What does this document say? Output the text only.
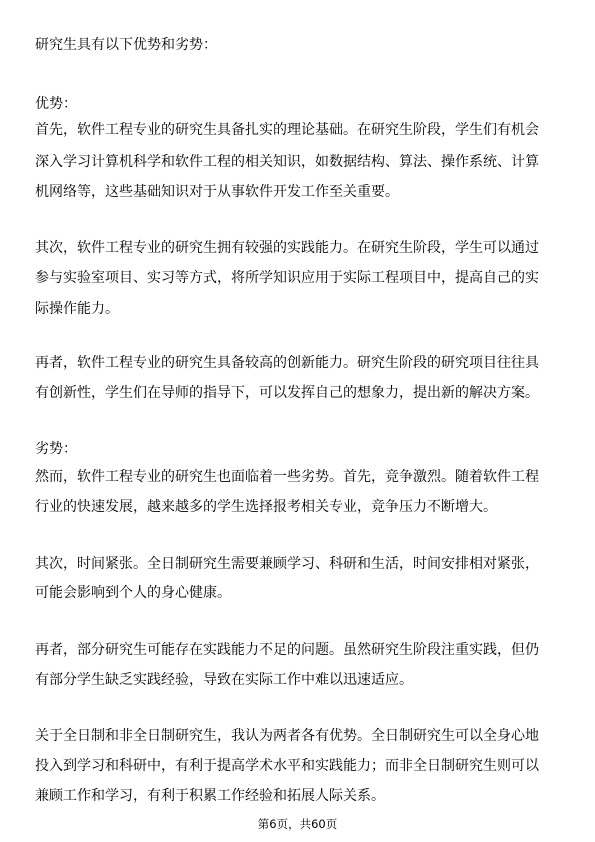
研究生具有以下优势和劣势：

优势：

首先，软件工程专业的研究生具备扎实的理论基础。在研究生阶段，学生们有机会

深入学习计算机科学和软件工程的相关知识，如数据结构、算法、操作系统、计算

机网络等，这些基础知识对于从事软件开发工作至关重要。

其次，软件工程专业的研究生拥有较强的实践能力。在研究生阶段，学生可以通过

参与实验室项目、实习等方式，将所学知识应用于实际工程项目中，提高自己的实

际操作能力。

再者，软件工程专业的研究生具备较高的创新能力。研究生阶段的研究项目往往具

有创新性，学生们在导师的指导下，可以发挥自己的想象力，提出新的解决方案。

劣势：

然而，软件工程专业的研究生也面临着一些劣势。首先，竞争激烈。随着软件工程

行业的快速发展，越来越多的学生选择报考相关专业，竞争压力不断增大。

其次，时间紧张。全日制研究生需要兼顾学习、科研和生活，时间安排相对紧张，

可能会影响到个人的身心健康。

再者，部分研究生可能存在实践能力不足的问题。虽然研究生阶段注重实践，但仍

有部分学生缺乏实践经验，导致在实际工作中难以迅速适应。

关于全日制和非全日制研究生，我认为两者各有优势。全日制研究生可以全身心地

投入到学习和科研中，有利于提高学术水平和实践能力；而非全日制研究生则可以

兼顾工作和学习，有利于积累工作经验和拓展人际关系。

第6页，共60页
